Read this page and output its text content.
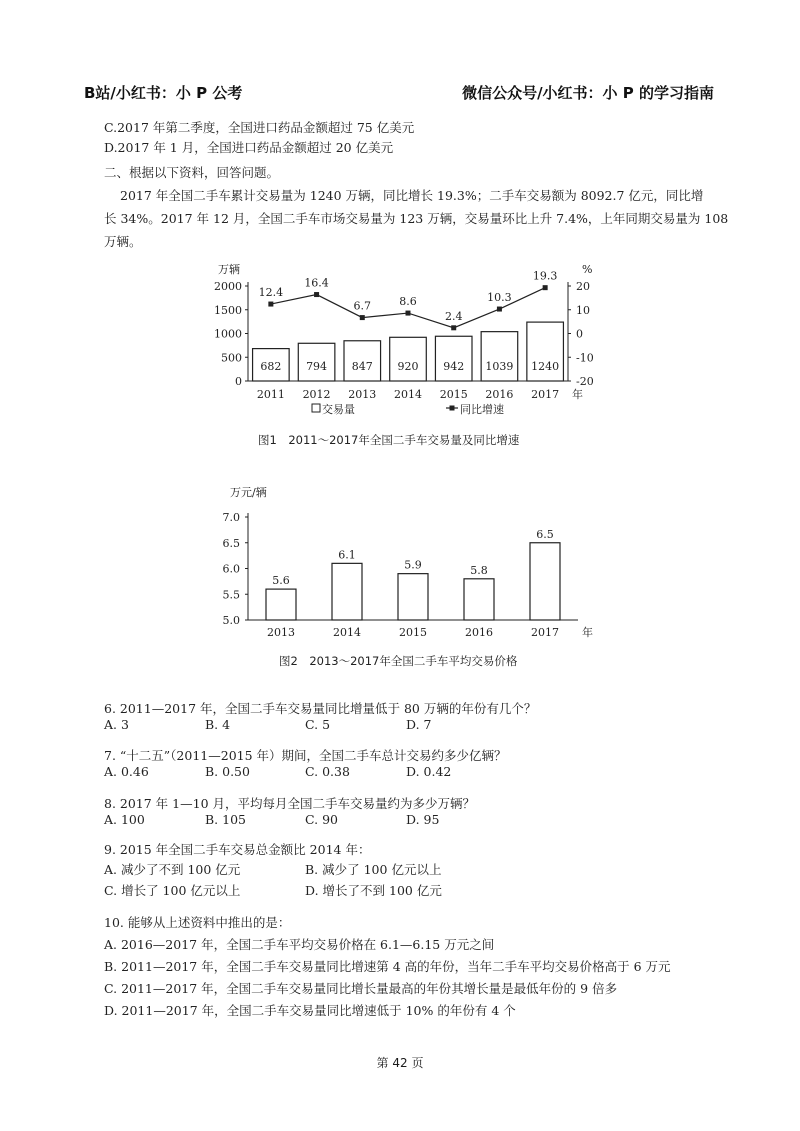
B站/小红书：小 P 公考	微信公众号/小红书：小 P 的学习指南
C.2017 年第二季度，全国进口药品金额超过 75 亿美元
D.2017 年 1 月，全国进口药品金额超过 20 亿美元
二、根据以下资料，回答问题。
2017 年全国二手车累计交易量为 1240 万辆，同比增长 19.3%；二手车交易额为 8092.7 亿元，同比增
长 34%。2017 年 12 月，全国二手车市场交易量为 123 万辆，交易量环比上升 7.4%，上年同期交易量为 108
万辆。
0
500
1000
1500
2000
-20
-10
0
10
20
万辆	%
年
682
2011
794
2012
847
2013
920
2014
942
2015
1039
2016
1240
2017
12.4
16.4
6.7	8.6
2.4
10.3
19.3
交易量	同比增速
图1　2011～2017年全国二手车交易量及同比增速
5.0
5.5
6.0
6.5
7.0
万元/辆
年
5.6
2013
6.1
2014
5.9
2015
5.8
2016
6.5
2017
图2　2013～2017年全国二手车平均交易价格
6. 2011—2017 年，全国二手车交易量同比增量低于 80 万辆的年份有几个？
A. 3	B. 4	C. 5	D. 7
7. “十二五”（2011—2015 年）期间，全国二手车总计交易约多少亿辆？
A. 0.46	B. 0.50	C. 0.38	D. 0.42
8. 2017 年 1—10 月，平均每月全国二手车交易量约为多少万辆？
A. 100	B. 105	C. 90	D. 95
9. 2015 年全国二手车交易总金额比 2014 年：
A. 减少了不到 100 亿元	B. 减少了 100 亿元以上
C. 增长了 100 亿元以上	D. 增长了不到 100 亿元
10. 能够从上述资料中推出的是：
A. 2016—2017 年，全国二手车平均交易价格在 6.1—6.15 万元之间
B. 2011—2017 年，全国二手车交易量同比增速第 4 高的年份，当年二手车平均交易价格高于 6 万元
C. 2011—2017 年，全国二手车交易量同比增长量最高的年份其增长量是最低年份的 9 倍多
D. 2011—2017 年，全国二手车交易量同比增速低于 10% 的年份有 4 个
第 42 页
